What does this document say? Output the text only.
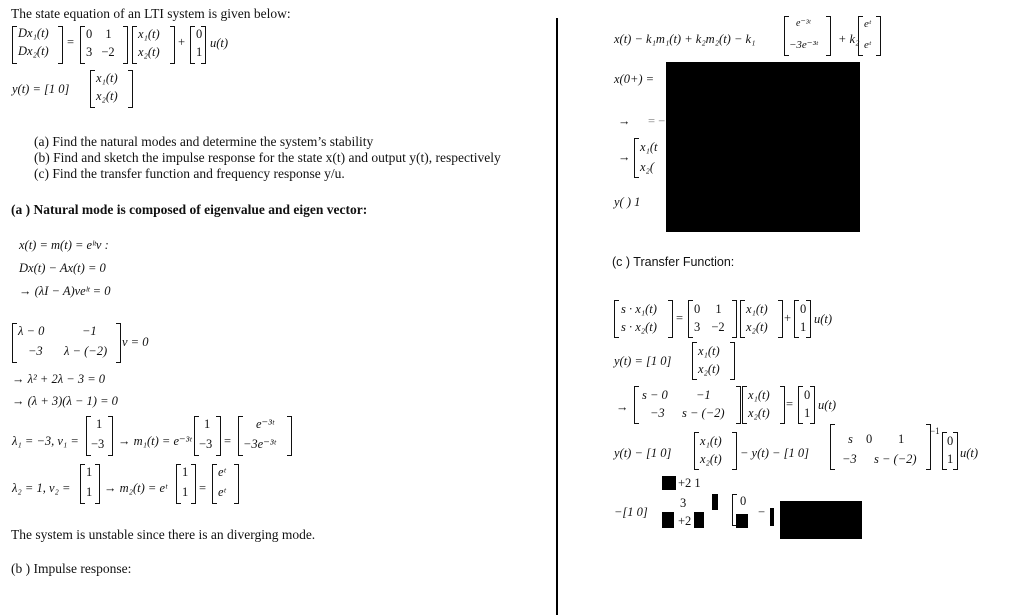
The state equation of an LTI system is given below:
Dx₁(t)
Dx₂(t)
=
0 1
3 −2
x₁(t)
x₂(t)
+
0
1
u(t)
y(t) = [1 0]
x₁(t)
x₂(t)
(a) Find the natural modes and determine the system’s stability
(b) Find and sketch the impulse response for the state x(t) and output y(t), respectively
(c) Find the transfer function and frequency response y/u.
(a ) Natural mode is composed of eigenvalue and eigen vector:
x(t) = m(t) = eˡᵗv :
Dx(t) − Ax(t) = 0
→ (λI − A)veˡᵗ = 0
λ − 0	−1
−3 λ − (−2)
v = 0
→ λ² + 2λ − 3 = 0
→ (λ + 3)(λ − 1) = 0
λ₁ = −3, v₁ =
1
−3 → m₁(t) = e⁻³ᵗ
1
−3 =
e⁻³ᵗ
−3e⁻³ᵗ
λ₂ = 1, v₂ =
1
1 → m₂(t) = eᵗ
1
1 =
eᵗ
eᵗ
The system is unstable since there is an diverging mode.
(b ) Impulse response:
x(t) − k₁m₁(t) + k₂m₂(t) − k₁
e⁻³ᵗ
−3e⁻³ᵗ + k₂
eᵗ
eᵗ
x(0+) =
→ = −
→
x₁(t
x₂(
y( ) 1
(c ) Transfer Function:
s · x₁(t)
s · x₂(t)
=
0 1
3 −2
x₁(t)
x₂(t)
+
0
1
u(t)
y(t) = [1 0]
x₁(t)
x₂(t)
→
s − 0 −1
−3 s − (−2)
x₁(t)
x₂(t)
=
0
1
u(t)
y(t) − [1 0]
x₁(t)
x₂(t) − y(t) − [1 0]
s 0 1
−3 s − (−2)
−1
0
1 u(t)
−[1 0]
+2 1
3
+2
0
−
